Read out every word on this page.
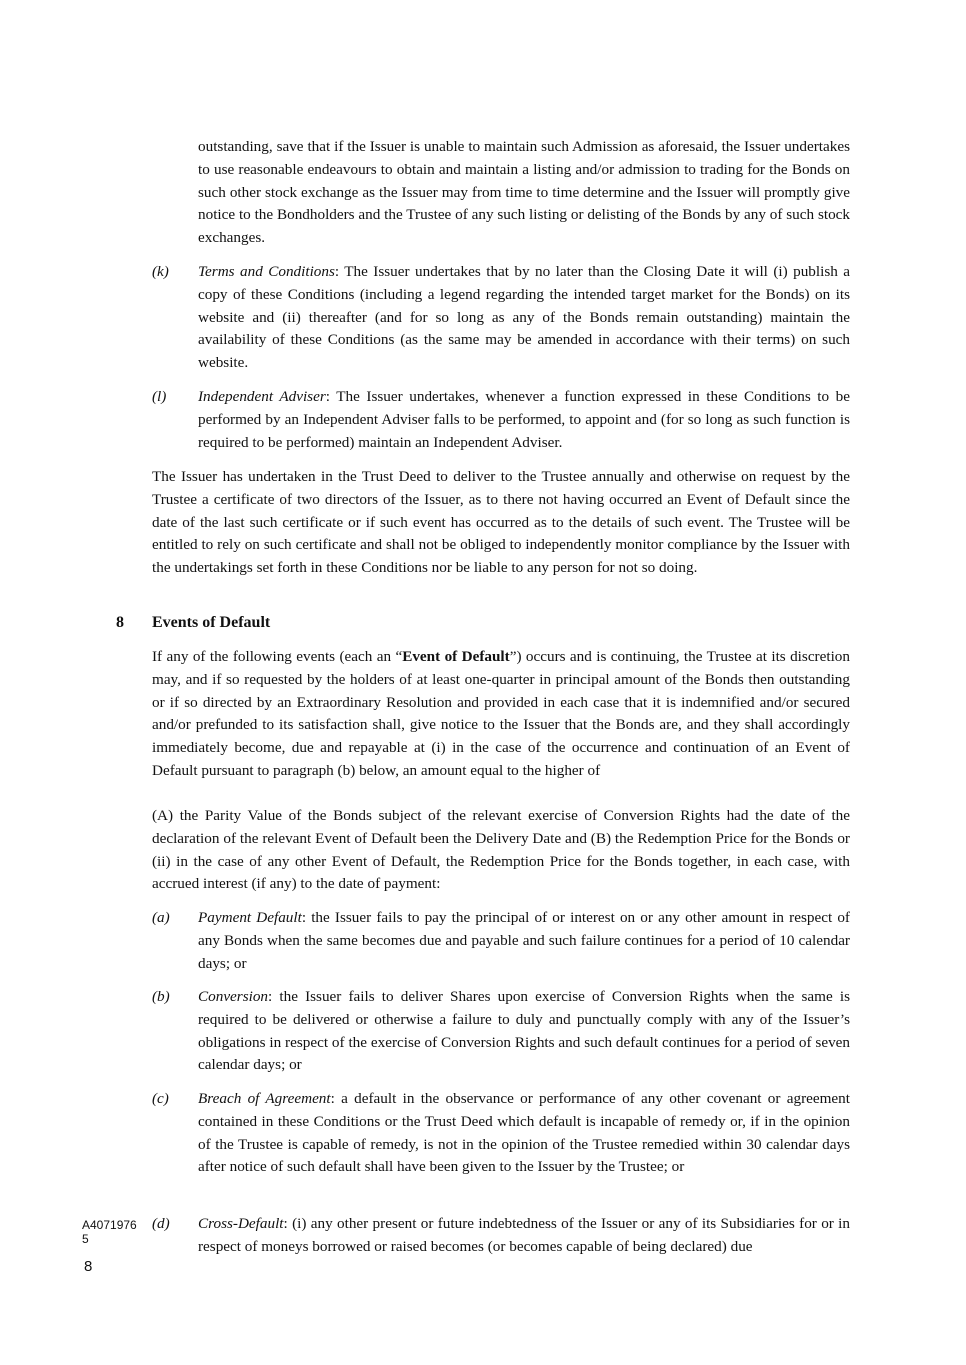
outstanding, save that if the Issuer is unable to maintain such Admission as aforesaid, the Issuer undertakes to use reasonable endeavours to obtain and maintain a listing and/or admission to trading for the Bonds on such other stock exchange as the Issuer may from time to time determine and the Issuer will promptly give notice to the Bondholders and the Trustee of any such listing or delisting of the Bonds by any of such stock exchanges.

(k) Terms and Conditions: The Issuer undertakes that by no later than the Closing Date it will (i) publish a copy of these Conditions (including a legend regarding the intended target market for the Bonds) on its website and (ii) thereafter (and for so long as any of the Bonds remain outstanding) maintain the availability of these Conditions (as the same may be amended in accordance with their terms) on such website.

(l) Independent Adviser: The Issuer undertakes, whenever a function expressed in these Conditions to be performed by an Independent Adviser falls to be performed, to appoint and (for so long as such function is required to be performed) maintain an Independent Adviser.

The Issuer has undertaken in the Trust Deed to deliver to the Trustee annually and otherwise on request by the Trustee a certificate of two directors of the Issuer, as to there not having occurred an Event of Default since the date of the last such certificate or if such event has occurred as to the details of such event. The Trustee will be entitled to rely on such certificate and shall not be obliged to independently monitor compliance by the Issuer with the undertakings set forth in these Conditions nor be liable to any person for not so doing.

8 Events of Default

If any of the following events (each an “Event of Default”) occurs and is continuing, the Trustee at its discretion may, and if so requested by the holders of at least one-quarter in principal amount of the Bonds then outstanding or if so directed by an Extraordinary Resolution and provided in each case that it is indemnified and/or secured and/or prefunded to its satisfaction shall, give notice to the Issuer that the Bonds are, and they shall accordingly immediately become, due and repayable at (i) in the case of the occurrence and continuation of an Event of Default pursuant to paragraph (b) below, an amount equal to the higher of

(A) the Parity Value of the Bonds subject of the relevant exercise of Conversion Rights had the date of the declaration of the relevant Event of Default been the Delivery Date and (B) the Redemption Price for the Bonds or (ii) in the case of any other Event of Default, the Redemption Price for the Bonds together, in each case, with accrued interest (if any) to the date of payment:

(a) Payment Default: the Issuer fails to pay the principal of or interest on or any other amount in respect of any Bonds when the same becomes due and payable and such failure continues for a period of 10 calendar days; or

(b) Conversion: the Issuer fails to deliver Shares upon exercise of Conversion Rights when the same is required to be delivered or otherwise a failure to duly and punctually comply with any of the Issuer’s obligations in respect of the exercise of Conversion Rights and such default continues for a period of seven calendar days; or

(c) Breach of Agreement: a default in the observance or performance of any other covenant or agreement contained in these Conditions or the Trust Deed which default is incapable of remedy or, if in the opinion of the Trustee is capable of remedy, is not in the opinion of the Trustee remedied within 30 calendar days after notice of such default shall have been given to the Issuer by the Trustee; or

(d) Cross-Default: (i) any other present or future indebtedness of the Issuer or any of its Subsidiaries for or in respect of moneys borrowed or raised becomes (or becomes capable of being declared) due

A4071976
5
8
